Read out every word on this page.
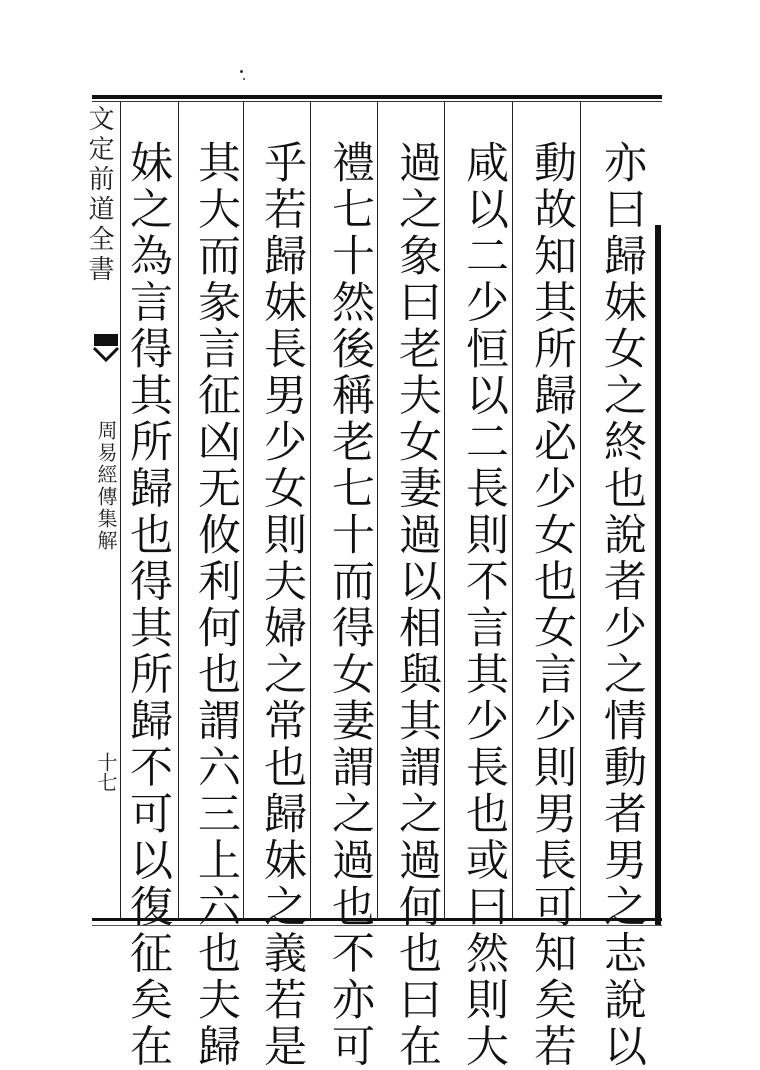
文定前道全書
周易經傳集解
十七	亦曰歸妹女之終也說者少之情動者男之志說以
動故知其所歸必少女也女言少則男長可知矣若
咸以二少恒以二長則不言其少長也或曰然則大
過之象曰老夫女妻過以相與其謂之過何也曰在
禮七十然後稱老七十而得女妻謂之過也不亦可
乎若歸妹長男少女則夫婦之常也歸妹之義若是
其大而彖言征凶无攸利何也謂六三上六也夫歸
妹之為言得其所歸也得其所歸不可以復征矣在
